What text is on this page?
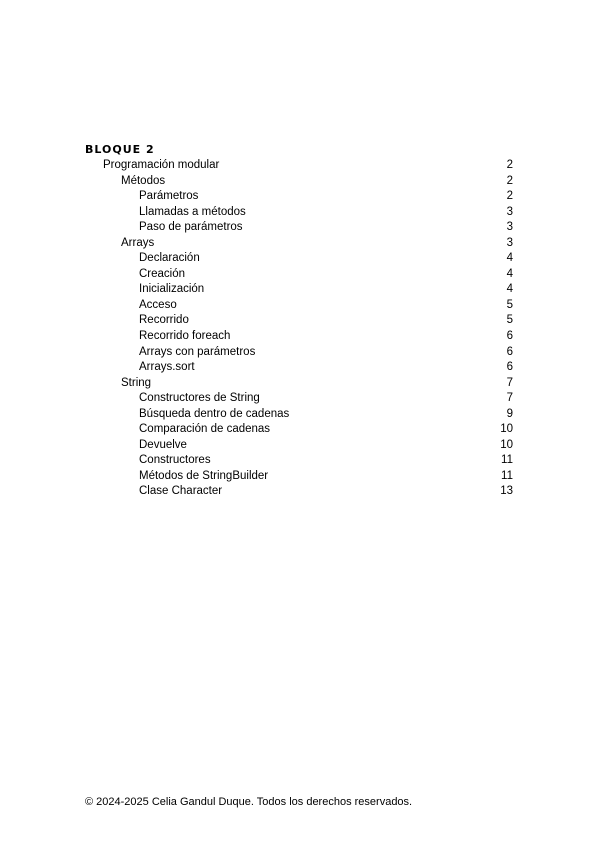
BLOQUE 2
Programación modular	2
Métodos	2
Parámetros	2
Llamadas a métodos	3
Paso de parámetros	3
Arrays	3
Declaración	4
Creación	4
Inicialización	4
Acceso	5
Recorrido	5
Recorrido foreach	6
Arrays con parámetros	6
Arrays.sort	6
String	7
Constructores de String	7
Búsqueda dentro de cadenas	9
Comparación de cadenas	10
Devuelve	10
Constructores	11
Métodos de StringBuilder	11
Clase Character	13
© 2024-2025 Celia Gandul Duque. Todos los derechos reservados.
